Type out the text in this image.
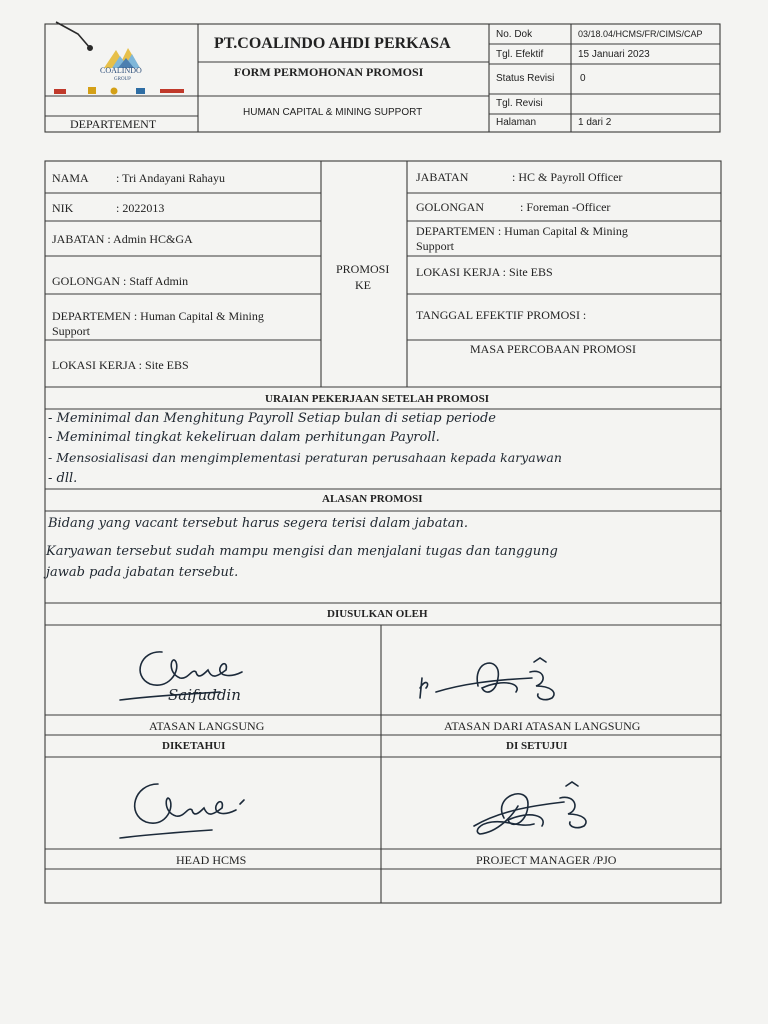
COALINDO
GROUP
PT.COALINDO AHDI PERKASA
FORM PERMOHONAN PROMOSI
HUMAN CAPITAL & MINING SUPPORT
DEPARTEMENT
No. Dok	03/18.04/HCMS/FR/CIMS/CAP
Tgl. Efektif	15 Januari 2023
Status Revisi	0
Tgl. Revisi
Halaman	1 dari 2
NAMA : Tri Andayani Rahayu
NIK	: 2022013
JABATAN : Admin HC&GA
GOLONGAN : Staff Admin
DEPARTEMEN : Human Capital & Mining
Support
LOKASI KERJA : Site EBS
PROMOSI
KE
JABATAN	: HC & Payroll Officer
GOLONGAN	: Foreman -Officer
DEPARTEMEN : Human Capital & Mining
Support
LOKASI KERJA : Site EBS
TANGGAL EFEKTIF PROMOSI :
MASA PERCOBAAN PROMOSI
URAIAN PEKERJAAN SETELAH PROMOSI
- Meminimal dan Menghitung Payroll Setiap bulan di setiap periode
- Meminimal tingkat kekeliruan dalam perhitungan Payroll.
- Mensosialisasi dan mengimplementasi peraturan perusahaan kepada karyawan
- dll.
ALASAN PROMOSI
Bidang yang vacant tersebut harus segera terisi dalam jabatan.
Karyawan tersebut sudah mampu mengisi dan menjalani tugas dan tanggung
jawab pada jabatan tersebut.
DIUSULKAN OLEH
Saifuddin
ATASAN LANGSUNG	ATASAN DARI ATASAN LANGSUNG
DIKETAHUI	DI SETUJUI
HEAD HCMS	PROJECT MANAGER /PJO
